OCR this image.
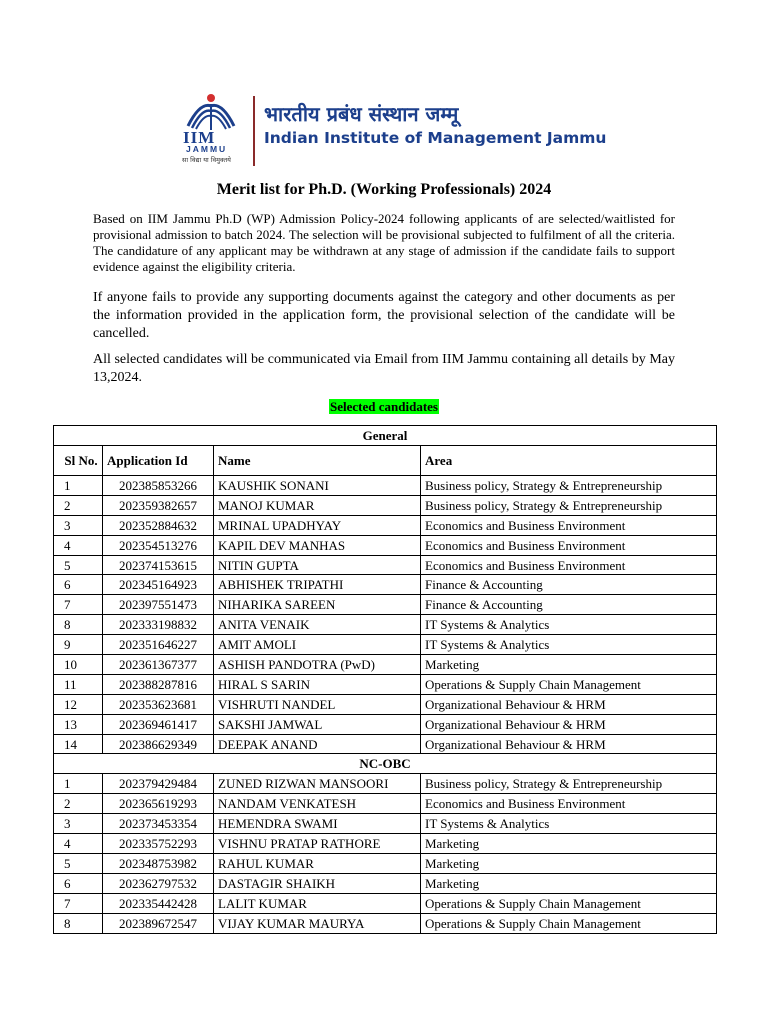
IIM
JAMMU
सा विद्या या विमुक्तये
भारतीय प्रबंध संस्थान जम्मू
Indian Institute of Management Jammu
Merit list for Ph.D. (Working Professionals) 2024

Based on IIM Jammu Ph.D (WP) Admission Policy-2024 following applicants of are selected/waitlisted for provisional admission to batch 2024. The selection will be provisional subjected to fulfilment of all the criteria. The candidature of any applicant may be withdrawn at any stage of admission if the candidate fails to support evidence against the eligibility criteria.

If anyone fails to provide any supporting documents against the category and other documents as per the information provided in the application form, the provisional selection of the candidate will be cancelled.

All selected candidates will be communicated via Email from IIM Jammu containing all details by May 13,2024.

Selected candidates
General			
Sl No.	Application Id	Name	Area
1	202385853266	KAUSHIK SONANI	Business policy, Strategy & Entrepreneurship
2	202359382657	MANOJ KUMAR	Business policy, Strategy & Entrepreneurship
3	202352884632	MRINAL UPADHYAY	Economics and Business Environment
4	202354513276	KAPIL DEV MANHAS	Economics and Business Environment
5	202374153615	NITIN GUPTA	Economics and Business Environment
6	202345164923	ABHISHEK TRIPATHI	Finance & Accounting
7	202397551473	NIHARIKA SAREEN	Finance & Accounting
8	202333198832	ANITA VENAIK	IT Systems & Analytics
9	202351646227	AMIT AMOLI	IT Systems & Analytics
10	202361367377	ASHISH PANDOTRA (PwD)	Marketing
11	202388287816	HIRAL S SARIN	Operations & Supply Chain Management
12	202353623681	VISHRUTI NANDEL	Organizational Behaviour & HRM
13	202369461417	SAKSHI JAMWAL	Organizational Behaviour & HRM
14	202386629349	DEEPAK ANAND	Organizational Behaviour & HRM
NC-OBC			
1	202379429484	ZUNED RIZWAN MANSOORI	Business policy, Strategy & Entrepreneurship
2	202365619293	NANDAM VENKATESH	Economics and Business Environment
3	202373453354	HEMENDRA SWAMI	IT Systems & Analytics
4	202335752293	VISHNU PRATAP RATHORE	Marketing
5	202348753982	RAHUL KUMAR	Marketing
6	202362797532	DASTAGIR SHAIKH	Marketing
7	202335442428	LALIT KUMAR	Operations & Supply Chain Management
8	202389672547	VIJAY KUMAR MAURYA	Operations & Supply Chain Management
